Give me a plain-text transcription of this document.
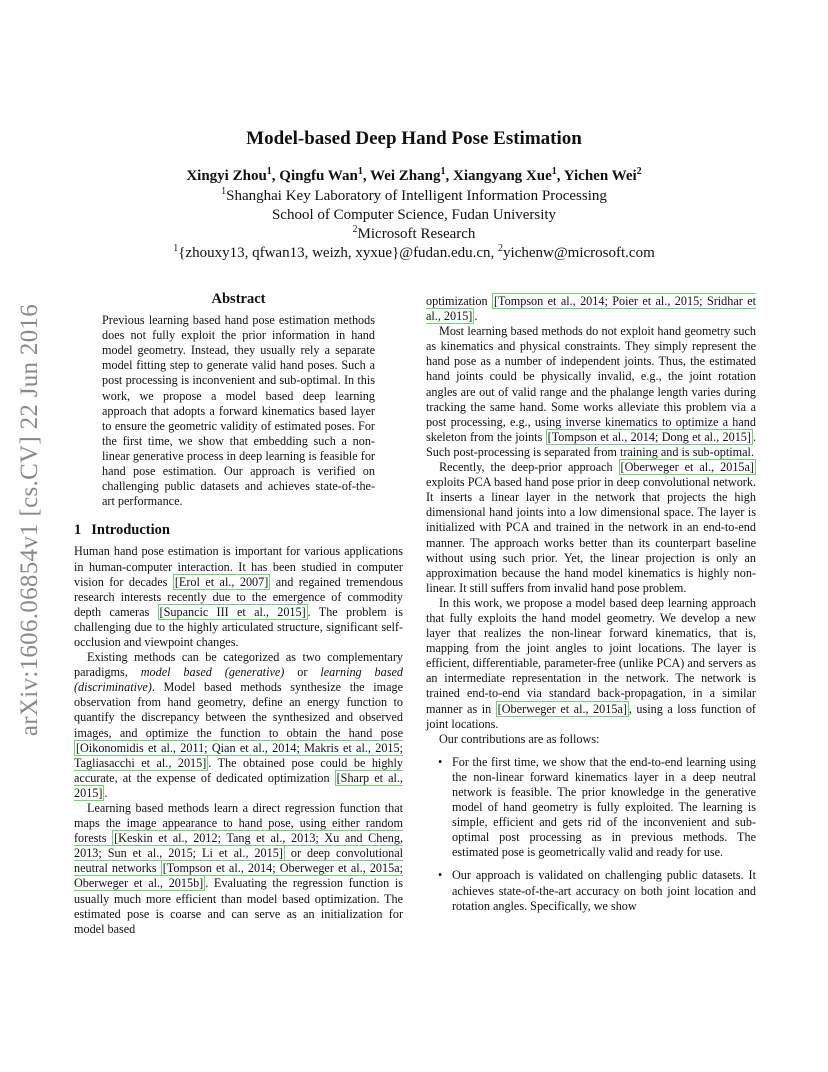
arXiv:1606.06854v1 [cs.CV] 22 Jun 2016
Model-based Deep Hand Pose Estimation
Xingyi Zhou$^1$, Qingfu Wan$^1$, Wei Zhang$^1$, Xiangyang Xue$^1$, Yichen Wei$^2$
$^1$Shanghai Key Laboratory of Intelligent Information Processing
School of Computer Science, Fudan University
$^2$Microsoft Research
$^1${zhouxy13, qfwan13, weizh, xyxue}@fudan.edu.cn, $^2$yichenw@microsoft.com
Abstract
Previous learning based hand pose estimation methods does not fully exploit the prior information in hand model geometry. Instead, they usually rely a separate model fitting step to generate valid hand poses. Such a post processing is inconvenient and sub-optimal. In this work, we propose a model based deep learning approach that adopts a forward kinematics based layer to ensure the geometric validity of estimated poses. For the first time, we show that embedding such a non-linear generative process in deep learning is feasible for hand pose estimation. Our approach is verified on challenging public datasets and achieves state-of-the-art performance.
1 Introduction

Human hand pose estimation is important for various applications in human-computer interaction. It has been studied in computer vision for decades [Erol et al., 2007] and regained tremendous research interests recently due to the emergence of commodity depth cameras [Supancic III et al., 2015] . The problem is challenging due to the highly articulated structure, significant self-occlusion and viewpoint changes.

Existing methods can be categorized as two complementary paradigms, model based (generative) or learning based (discriminative). Model based methods synthesize the image observation from hand geometry, define an energy function to quantify the discrepancy between the synthesized and observed images, and optimize the function to obtain the hand pose [Oikonomidis et al., 2011; Qian et al., 2014; Makris et al., 2015; Tagliasacchi et al., 2015] . The obtained pose could be highly accurate, at the expense of dedicated optimization [Sharp et al., 2015] .

Learning based methods learn a direct regression function that maps the image appearance to hand pose, using either random forests [Keskin et al., 2012; Tang et al., 2013; Xu and Cheng, 2013; Sun et al., 2015; Li et al., 2015] or deep convolutional neutral networks [Tompson et al., 2014; Oberweger et al., 2015a; Oberweger et al., 2015b] . Evaluating the regression function is usually much more efficient than model based optimization. The estimated pose is coarse and can serve as an initialization for model based

optimization [Tompson et al., 2014; Poier et al., 2015; Sridhar et al., 2015] .

Most learning based methods do not exploit hand geometry such as kinematics and physical constraints. They simply represent the hand pose as a number of independent joints. Thus, the estimated hand joints could be physically invalid, e.g., the joint rotation angles are out of valid range and the phalange length varies during tracking the same hand. Some works alleviate this problem via a post processing, e.g., using inverse kinematics to optimize a hand skeleton from the joints [Tompson et al., 2014; Dong et al., 2015] . Such post-processing is separated from training and is sub-optimal.

Recently, the deep-prior approach [Oberweger et al., 2015a] exploits PCA based hand pose prior in deep convolutional network. It inserts a linear layer in the network that projects the high dimensional hand joints into a low dimensional space. The layer is initialized with PCA and trained in the network in an end-to-end manner. The approach works better than its counterpart baseline without using such prior. Yet, the linear projection is only an approximation because the hand model kinematics is highly non-linear. It still suffers from invalid hand pose problem.

In this work, we propose a model based deep learning approach that fully exploits the hand model geometry. We develop a new layer that realizes the non-linear forward kinematics, that is, mapping from the joint angles to joint locations. The layer is efficient, differentiable, parameter-free (unlike PCA) and servers as an intermediate representation in the network. The network is trained end-to-end via standard back-propagation, in a similar manner as in [Oberweger et al., 2015a] , using a loss function of joint locations.

Our contributions are as follows:

• For the first time, we show that the end-to-end learning using the non-linear forward kinematics layer in a deep neutral network is feasible. The prior knowledge in the generative model of hand geometry is fully exploited. The learning is simple, efficient and gets rid of the inconvenient and sub-optimal post processing as in previous methods. The estimated pose is geometrically valid and ready for use.
• Our approach is validated on challenging public datasets. It achieves state-of-the-art accuracy on both joint location and rotation angles. Specifically, we show
